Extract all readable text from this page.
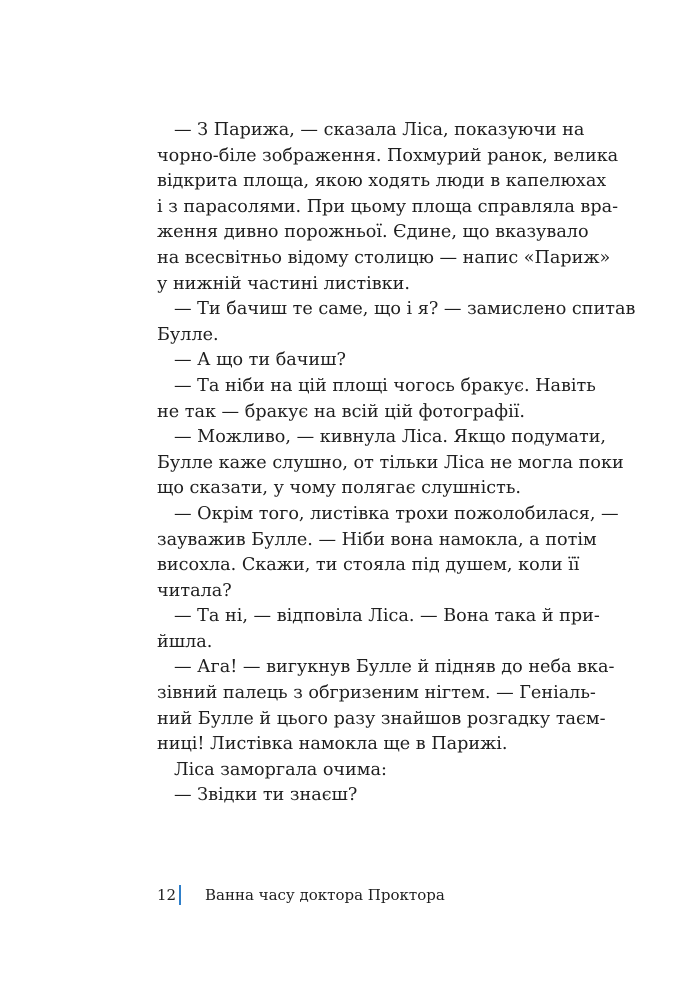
— З Парижа, — сказала Ліса, показуючи на
чорно-біле зображення. Похмурий ранок, велика
відкрита площа, якою ходять люди в капелюхах
і з парасолями. При цьому площа справляла вра-
ження дивно порожньої. Єдине, що вказувало
на всесвітньо відому столицю — напис «Париж»
у нижній частині листівки.
— Ти бачиш те саме, що і я? — замислено спитав
Булле.
— А що ти бачиш?
— Та ніби на цій площі чогось бракує. Навіть
не так — бракує на всій цій фотографії.
— Можливо, — кивнула Ліса. Якщо подумати,
Булле каже слушно, от тільки Ліса не могла поки
що сказати, у чому полягає слушність.
— Окрім того, листівка трохи пожолобилася, —
зауважив Булле. — Ніби вона намокла, а потім
висохла. Скажи, ти стояла під душем, коли її
читала?
— Та ні, — відповіла Ліса. — Вона така й при-
йшла.
— Ага! — вигукнув Булле й підняв до неба вка-
зівний палець з обгризеним нігтем. — Геніаль-
ний Булле й цього разу знайшов розгадку таєм-
ниці! Листівка намокла ще в Парижі.
Ліса заморгала очима:
— Звідки ти знаєш?
12 Ванна часу доктора Проктора
